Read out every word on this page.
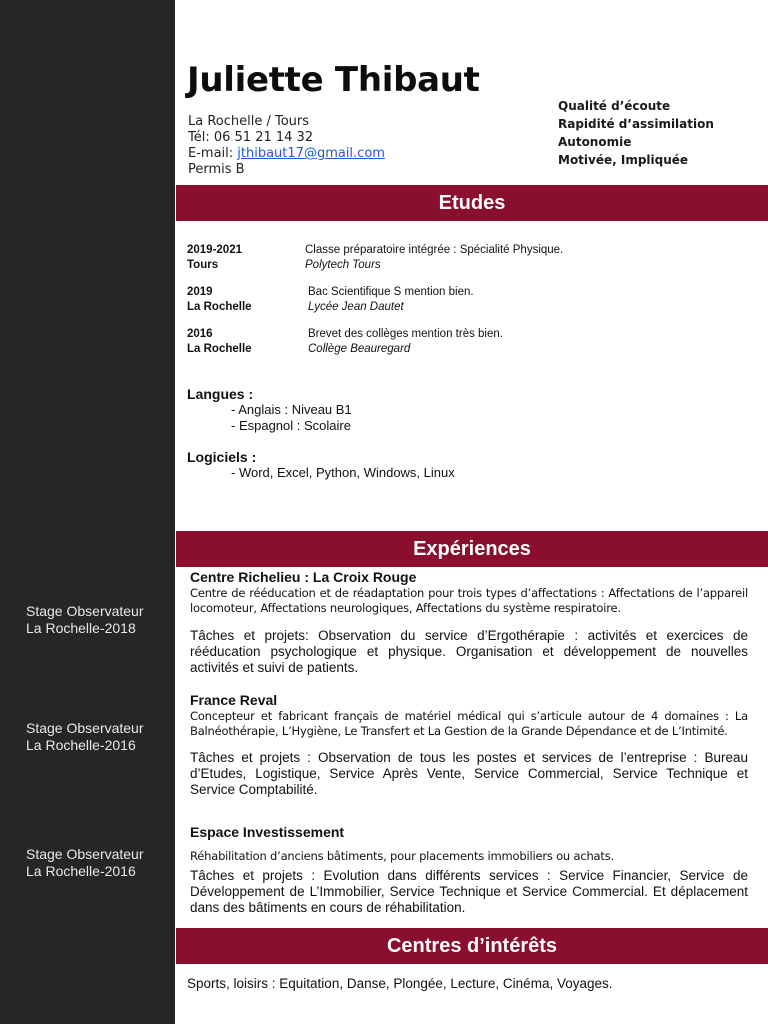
Stage Observateur
La Rochelle-2018
Stage Observateur
La Rochelle-2016
Stage Observateur
La Rochelle-2016
Juliette Thibaut
La Rochelle / Tours
Tél: 06 51 21 14 32
E-mail: jthibaut17@gmail.com
Permis B
Qualité d’écoute
Rapidité d’assimilation
Autonomie
Motivée, Impliquée
Etudes
2019-2021
Tours
Classe préparatoire intégrée : Spécialité Physique.
Polytech Tours
2019
La Rochelle
Bac Scientifique S mention bien.
Lycée Jean Dautet
2016
La Rochelle
Brevet des collèges mention très bien.
Collège Beauregard
Langues :
- Anglais : Niveau B1
- Espagnol : Scolaire
Logiciels :
- Word, Excel, Python, Windows, Linux
Expériences
Centre Richelieu : La Croix Rouge
Centre de rééducation et de réadaptation pour trois types d’affectations : Affectations de l’appareil locomoteur, Affectations neurologiques, Affectations du système respiratoire.
Tâches et projets: Observation du service d’Ergothérapie : activités et exercices de rééducation psychologique et physique. Organisation et développement de nouvelles activités et suivi de patients.
France Reval
Concepteur et fabricant français de matériel médical qui s’articule autour de 4 domaines : La Balnéothérapie, L’Hygiène, Le Transfert et La Gestion de la Grande Dépendance et de L’Intimité.
Tâches et projets : Observation de tous les postes et services de l’entreprise : Bureau d’Etudes, Logistique, Service Après Vente, Service Commercial, Service Technique et Service Comptabilité.
Espace Investissement
Réhabilitation d’anciens bâtiments, pour placements immobiliers ou achats.
Tâches et projets : Evolution dans différents services : Service Financier, Service de Développement de L’Immobilier, Service Technique et Service Commercial. Et déplacement dans des bâtiments en cours de réhabilitation.
Centres d’intérêts
Sports, loisirs : Equitation, Danse, Plongée, Lecture, Cinéma, Voyages.
